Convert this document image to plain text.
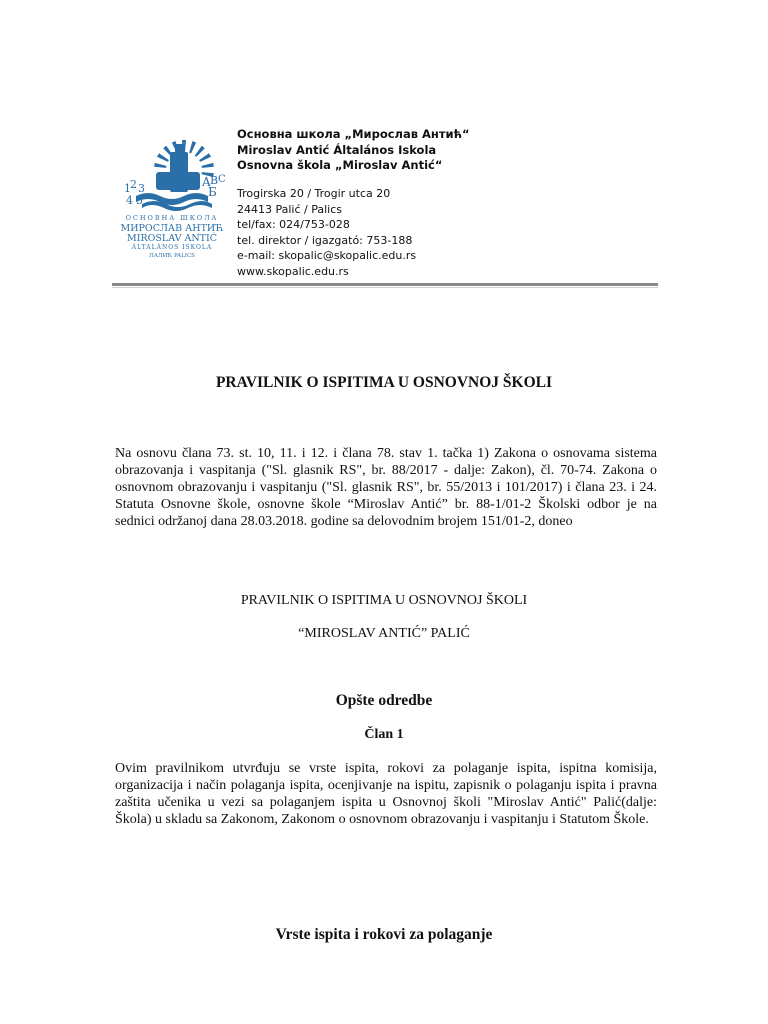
1 2 3
4 5
A B C
Б
ОСНОВНА ШКОЛА
МИРОСЛАВ АНТИЋ
MIROSLAV ANTIĆ
ÁLTALÁNOS ISKOLA
ПАЛИЋ PALICS
Основна школа „Мирослав Антић“
Miroslav Antić Általános Iskola
Osnovna škola „Miroslav Antić“
Trogirska 20 / Trogir utca 20
24413 Palić / Palics
tel/fax: 024/753-028
tel. direktor / igazgató: 753-188
e-mail: skopalic@skopalic.edu.rs
www.skopalic.edu.rs
PRAVILNIK O ISPITIMA U OSNOVNOJ ŠKOLI
Na osnovu člana 73. st. 10, 11. i 12. i člana 78. stav 1. tačka 1) Zakona o osnovama sistema obrazovanja i vaspitanja ("Sl. glasnik RS", br. 88/2017 - dalje: Zakon), čl. 70-74. Zakona o osnovnom obrazovanju i vaspitanju ("Sl. glasnik RS", br. 55/2013 i 101/2017) i člana 23. i 24. Statuta Osnovne škole, osnovne škole “Miroslav Antić” br. 88-1/01-2 Školski odbor je na sednici održanoj dana 28.03.2018. godine sa delovodnim brojem 151/01-2, doneo
PRAVILNIK O ISPITIMA U OSNOVNOJ ŠKOLI
“MIROSLAV ANTIĆ” PALIĆ
Opšte odredbe
Član 1
Ovim pravilnikom utvrđuju se vrste ispita, rokovi za polaganje ispita, ispitna komisija, organizacija i način polaganja ispita, ocenjivanje na ispitu, zapisnik o polaganju ispita i pravna zaštita učenika u vezi sa polaganjem ispita u Osnovnoj školi "Miroslav Antić" Palić(dalje: Škola) u skladu sa Zakonom, Zakonom o osnovnom obrazovanju i vaspitanju i Statutom Škole.
Vrste ispita i rokovi za polaganje
